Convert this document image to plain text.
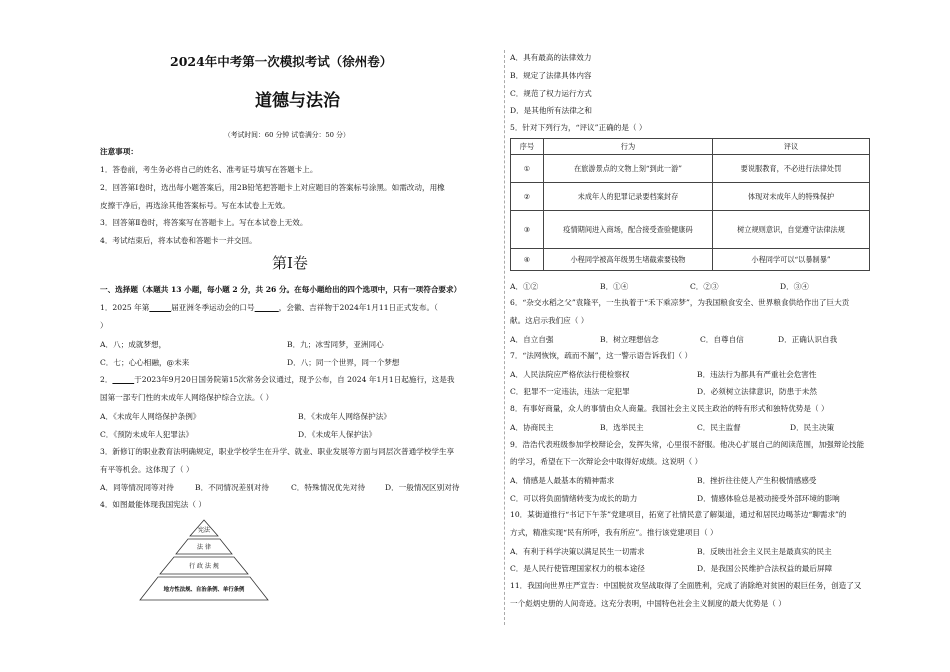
2024年中考第一次模拟考试（徐州卷）
道德与法治
（考试时间：60 分钟 试卷满分：50 分）
注意事项：
1．答卷前，考生务必将自己的姓名、准考证号填写在答题卡上。
2．回答第Ⅰ卷时，选出每小题答案后，用2B铅笔把答题卡上对应题目的答案标号涂黑。如需改动，用橡
皮擦干净后，再选涂其他答案标号。写在本试卷上无效。
3．回答第Ⅱ卷时，将答案写在答题卡上。写在本试卷上无效。
4．考试结束后，将本试卷和答题卡一并交回。
第Ⅰ卷
一、选择题（本题共 13 小题，每小题 2 分，共 26 分。在每小题给出的四个选项中，只有一项符合要求）
1．2025 年第	届亚洲冬季运动会的口号	，会徽、吉祥物于2024年1月11日正式发布。（
）
A．八；成就梦想，	B．九；冰雪同梦，亚洲同心
C．七；心心相融，@未来	D．八；同一个世界，同一个梦想
2．	于2023年9月20日国务院第15次常务会议通过，现予公布，自 2024 年1月1日起施行，这是我
国第一部专门性的未成年人网络保护综合立法。（ ）
A．《未成年人网络保护条例》	B．《未成年人网络保护法》
C．《预防未成年人犯罪法》	D．《未成年人保护法》
3．新修订的职业教育法明确规定，职业学校学生在升学、就业、职业发展等方面与同层次普通学校学生享
有平等机会。这体现了（ ）
A．同等情况同等对待	B．不同情况差别对待	C．特殊情况优先对待	D．一般情况区别对待
4．如图最能体现我国宪法（ ）
宪法
法 律
行 政 法 规
地方性法规、自治条例、单行条例
A．具有最高的法律效力
B．规定了法律具体内容
C．规范了权力运行方式
D．是其他所有法律之和
5．针对下列行为，“评议”正确的是（ ）
序号	行为	评议
①	在旅游景点的文物上刻“到此一游”	要说服教育，不必进行法律处罚
②	未成年人的犯罪记录要档案封存	体现对未成年人的特殊保护
③	疫情期间进入商场，配合接受查验健康码	树立规则意识，自觉遵守法律法规
④	小程同学被高年级男生堵截索要钱物	小程同学可以“以暴制暴”
A．①②	B．①④	C．②③	D．③④
6．“杂交水稻之父”袁隆平，一生执着于“禾下乘凉梦”，为我国粮食安全、世界粮食供给作出了巨大贡
献。这启示我们应（ ）
A．自立自强	B．树立理想信念	C．自尊自信	D．正确认识自我
7．“法网恢恢，疏而不漏”，这一警示语告诉我们（ ）
A．人民法院应严格依法行使检察权	B．违法行为都具有严重社会危害性
C．犯罪不一定违法，违法一定犯罪	D．必须树立法律意识，防患于未然
8．有事好商量，众人的事情由众人商量。我国社会主义民主政治的特有形式和独特优势是（ ）
A．协商民主	B．选举民主	C．民主监督	D．民主决策
9．浩浩代表班级参加学校辩论会，发挥失常，心里很不舒服。他决心扩展自己的阅读范围，加强辩论技能
的学习，希望在下一次辩论会中取得好成绩。这说明（ ）
A．情感是人最基本的精神需求	B．挫折往往使人产生积极情感感受
C．可以将负面情绪转变为成长的助力	D．情感体验总是被动接受外部环境的影响
10．某街道推行“书记下午茶”党建项目，拓宽了社情民意了解渠道，通过和居民边喝茶边“聊需求”的
方式，精准实现“民有所呼，我有所应”。推行该党建项目（ ）
A．有利于科学决策以满足民生一切需求	B．反映出社会主义民主是最真实的民主
C．是人民行使管理国家权力的根本途径	D．是我国公民维护合法权益的最后屏障
11．我国向世界庄严宣告：中国脱贫攻坚战取得了全面胜利，完成了消除绝对贫困的艰巨任务，创造了又
一个彪炳史册的人间奇迹。这充分表明，中国特色社会主义制度的最大优势是（ ）
